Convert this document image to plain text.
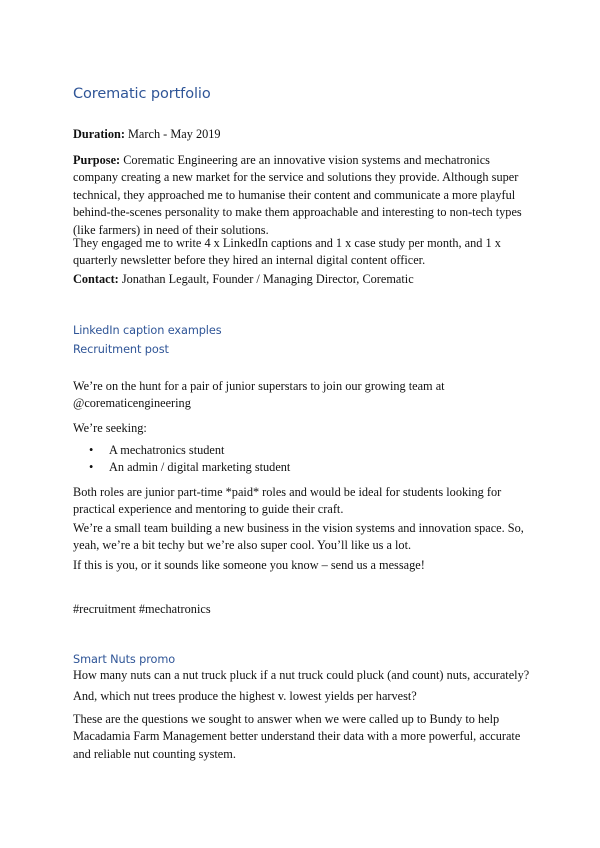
Corematic portfolio

Duration: March - May 2019

Purpose: Corematic Engineering are an innovative vision systems and mechatronics
company creating a new market for the service and solutions they provide. Although super
technical, they approached me to humanise their content and communicate a more playful
behind-the-scenes personality to make them approachable and interesting to non-tech types
(like farmers) in need of their solutions.

They engaged me to write 4 x LinkedIn captions and 1 x case study per month, and 1 x
quarterly newsletter before they hired an internal digital content officer.

Contact: Jonathan Legault, Founder / Managing Director, Corematic

LinkedIn caption examples
Recruitment post

We’re on the hunt for a pair of junior superstars to join our growing team at
@corematicengineering

We’re seeking:

• A mechatronics student
• An admin / digital marketing student

Both roles are junior part-time *paid* roles and would be ideal for students looking for
practical experience and mentoring to guide their craft.

We’re a small team building a new business in the vision systems and innovation space. So,
yeah, we’re a bit techy but we’re also super cool. You’ll like us a lot.

If this is you, or it sounds like someone you know – send us a message!

#recruitment #mechatronics

Smart Nuts promo

How many nuts can a nut truck pluck if a nut truck could pluck (and count) nuts, accurately?

And, which nut trees produce the highest v. lowest yields per harvest?

These are the questions we sought to answer when we were called up to Bundy to help
Macadamia Farm Management better understand their data with a more powerful, accurate
and reliable nut counting system.
